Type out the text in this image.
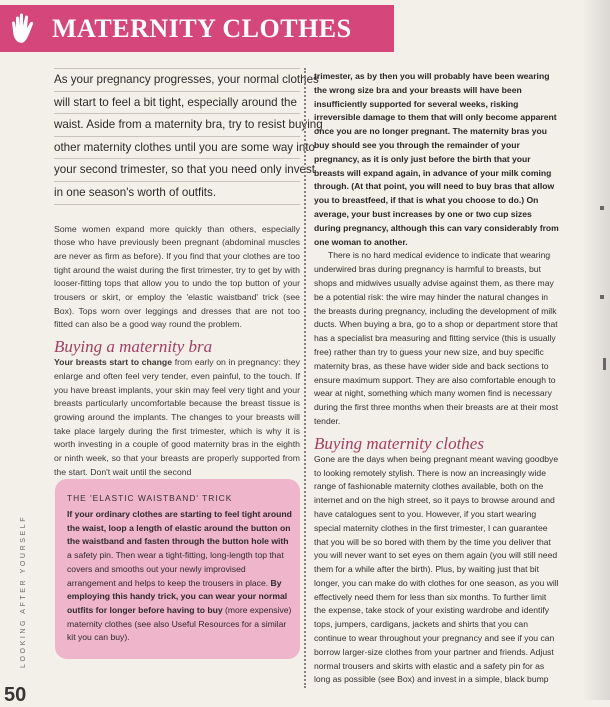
MATERNITY CLOTHES

As your pregnancy progresses, your normal clothes

will start to feel a bit tight, especially around the

waist. Aside from a maternity bra, try to resist buying

other maternity clothes until you are some way into

your second trimester, so that you need only invest

in one season's worth of outfits.

Some women expand more quickly than others, especially those who have previously been pregnant (abdominal muscles are never as firm as before). If you find that your clothes are too tight around the waist during the first trimester, try to get by with looser-fitting tops that allow you to undo the top button of your trousers or skirt, or employ the 'elastic waistband' trick (see Box). Tops worn over leggings and dresses that are not too fitted can also be a good way round the problem.

Buying a maternity bra

Your breasts start to change from early on in pregnancy: they enlarge and often feel very tender, even painful, to the touch. If you have breast implants, your skin may feel very tight and your breasts particularly uncomfortable because the breast tissue is growing around the implants. The changes to your breasts will take place largely during the first trimester, which is why it is worth investing in a couple of good maternity bras in the eighth or ninth week, so that your breasts are properly supported from the start. Don't wait until the second

trimester, as by then you will probably have been wearing the wrong size bra and your breasts will have been insufficiently supported for several weeks, risking irreversible damage to them that will only become apparent once you are no longer pregnant. The maternity bras you buy should see you through the remainder of your pregnancy, as it is only just before the birth that your breasts will expand again, in advance of your milk coming through. (At that point, you will need to buy bras that allow you to breastfeed, if that is what you choose to do.) On average, your bust increases by one or two cup sizes during pregnancy, although this can vary considerably from one woman to another.

There is no hard medical evidence to indicate that wearing underwired bras during pregnancy is harmful to breasts, but shops and midwives usually advise against them, as there may be a potential risk: the wire may hinder the natural changes in the breasts during pregnancy, including the development of milk ducts. When buying a bra, go to a shop or department store that has a specialist bra measuring and fitting service (this is usually free) rather than try to guess your new size, and buy specific maternity bras, as these have wider side and back sections to ensure maximum support. They are also comfortable enough to wear at night, something which many women find is necessary during the first three months when their breasts are at their most tender.

Buying maternity clothes

Gone are the days when being pregnant meant waving goodbye to looking remotely stylish. There is now an increasingly wide range of fashionable maternity clothes available, both on the internet and on the high street, so it pays to browse around and have catalogues sent to you. However, if you start wearing special maternity clothes in the first trimester, I can guarantee that you will be so bored with them by the time you deliver that you will never want to set eyes on them again (you will still need them for a while after the birth). Plus, by waiting just that bit longer, you can make do with clothes for one season, as you will effectively need them for less than six months. To further limit the expense, take stock of your existing wardrobe and identify tops, jumpers, cardigans, jackets and shirts that you can continue to wear throughout your pregnancy and see if you can borrow larger-size clothes from your partner and friends. Adjust normal trousers and skirts with elastic and a safety pin for as long as possible (see Box) and invest in a simple, black bump

THE 'ELASTIC WAISTBAND' TRICK

If your ordinary clothes are starting to feel tight around the waist, loop a length of elastic around the button on the waistband and fasten through the button hole with a safety pin. Then wear a tight-fitting, long-length top that covers and smooths out your newly improvised arrangement and helps to keep the trousers in place. By employing this handy trick, you can wear your normal outfits for longer before having to buy (more expensive) maternity clothes (see also Useful Resources for a similar kit you can buy).

LOOKING AFTER YOURSELF
50
